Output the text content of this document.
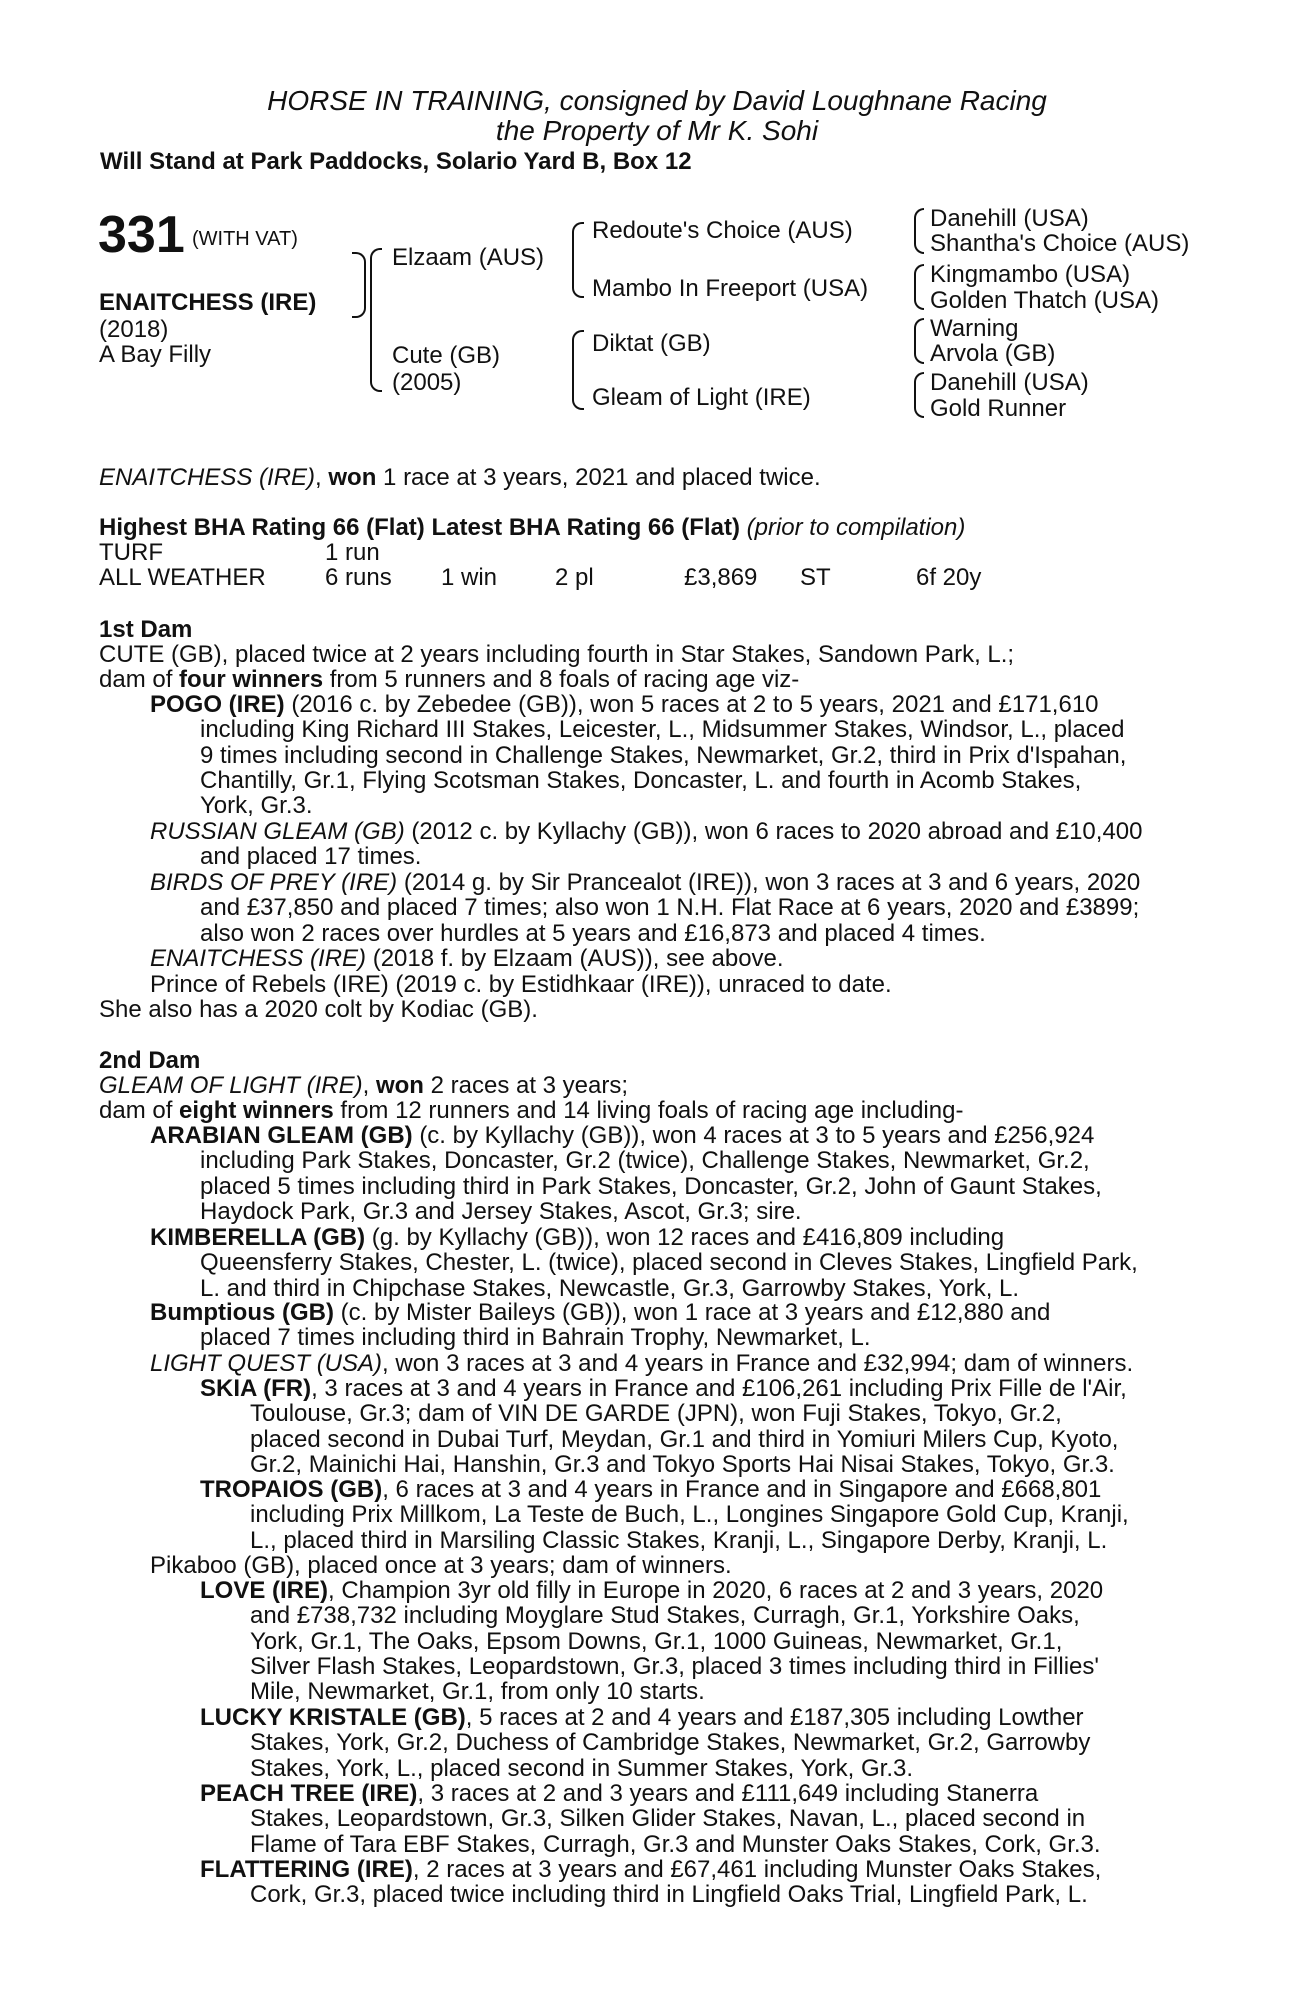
HORSE IN TRAINING, consigned by David Loughnane Racing
the Property of Mr K. Sohi
Will Stand at Park Paddocks, Solario Yard B, Box 12
331 (WITH VAT)
ENAITCHESS (IRE)
(2018)
A Bay Filly
Elzaam (AUS)
Cute (GB)
(2005)
Redoute's Choice (AUS)
Mambo In Freeport (USA)
Diktat (GB)
Gleam of Light (IRE)
Danehill (USA)
Shantha's Choice (AUS)
Kingmambo (USA)
Golden Thatch (USA)
Warning
Arvola (GB)
Danehill (USA)
Gold Runner
ENAITCHESS (IRE), won 1 race at 3 years, 2021 and placed twice.
Highest BHA Rating 66 (Flat) Latest BHA Rating 66 (Flat) (prior to compilation)
TURF	1 run
ALL WEATHER 6 runs 1 win 2 pl	£3,869 ST	6f 20y
1st Dam
CUTE (GB), placed twice at 2 years including fourth in Star Stakes, Sandown Park, L.;
dam of four winners from 5 runners and 8 foals of racing age viz-
POGO (IRE) (2016 c. by Zebedee (GB)), won 5 races at 2 to 5 years, 2021 and £171,610
including King Richard III Stakes, Leicester, L., Midsummer Stakes, Windsor, L., placed
9 times including second in Challenge Stakes, Newmarket, Gr.2, third in Prix d'Ispahan,
Chantilly, Gr.1, Flying Scotsman Stakes, Doncaster, L. and fourth in Acomb Stakes,
York, Gr.3.
RUSSIAN GLEAM (GB) (2012 c. by Kyllachy (GB)), won 6 races to 2020 abroad and £10,400
and placed 17 times.
BIRDS OF PREY (IRE) (2014 g. by Sir Prancealot (IRE)), won 3 races at 3 and 6 years, 2020
and £37,850 and placed 7 times; also won 1 N.H. Flat Race at 6 years, 2020 and £3899;
also won 2 races over hurdles at 5 years and £16,873 and placed 4 times.
ENAITCHESS (IRE) (2018 f. by Elzaam (AUS)), see above.
Prince of Rebels (IRE) (2019 c. by Estidhkaar (IRE)), unraced to date.
She also has a 2020 colt by Kodiac (GB).
2nd Dam
GLEAM OF LIGHT (IRE), won 2 races at 3 years;
dam of eight winners from 12 runners and 14 living foals of racing age including-
ARABIAN GLEAM (GB) (c. by Kyllachy (GB)), won 4 races at 3 to 5 years and £256,924
including Park Stakes, Doncaster, Gr.2 (twice), Challenge Stakes, Newmarket, Gr.2,
placed 5 times including third in Park Stakes, Doncaster, Gr.2, John of Gaunt Stakes,
Haydock Park, Gr.3 and Jersey Stakes, Ascot, Gr.3; sire.
KIMBERELLA (GB) (g. by Kyllachy (GB)), won 12 races and £416,809 including
Queensferry Stakes, Chester, L. (twice), placed second in Cleves Stakes, Lingfield Park,
L. and third in Chipchase Stakes, Newcastle, Gr.3, Garrowby Stakes, York, L.
Bumptious (GB) (c. by Mister Baileys (GB)), won 1 race at 3 years and £12,880 and
placed 7 times including third in Bahrain Trophy, Newmarket, L.
LIGHT QUEST (USA), won 3 races at 3 and 4 years in France and £32,994; dam of winners.
SKIA (FR), 3 races at 3 and 4 years in France and £106,261 including Prix Fille de l'Air,
Toulouse, Gr.3; dam of VIN DE GARDE (JPN), won Fuji Stakes, Tokyo, Gr.2,
placed second in Dubai Turf, Meydan, Gr.1 and third in Yomiuri Milers Cup, Kyoto,
Gr.2, Mainichi Hai, Hanshin, Gr.3 and Tokyo Sports Hai Nisai Stakes, Tokyo, Gr.3.
TROPAIOS (GB), 6 races at 3 and 4 years in France and in Singapore and £668,801
including Prix Millkom, La Teste de Buch, L., Longines Singapore Gold Cup, Kranji,
L., placed third in Marsiling Classic Stakes, Kranji, L., Singapore Derby, Kranji, L.
Pikaboo (GB), placed once at 3 years; dam of winners.
LOVE (IRE), Champion 3yr old filly in Europe in 2020, 6 races at 2 and 3 years, 2020
and £738,732 including Moyglare Stud Stakes, Curragh, Gr.1, Yorkshire Oaks,
York, Gr.1, The Oaks, Epsom Downs, Gr.1, 1000 Guineas, Newmarket, Gr.1,
Silver Flash Stakes, Leopardstown, Gr.3, placed 3 times including third in Fillies'
Mile, Newmarket, Gr.1, from only 10 starts.
LUCKY KRISTALE (GB), 5 races at 2 and 4 years and £187,305 including Lowther
Stakes, York, Gr.2, Duchess of Cambridge Stakes, Newmarket, Gr.2, Garrowby
Stakes, York, L., placed second in Summer Stakes, York, Gr.3.
PEACH TREE (IRE), 3 races at 2 and 3 years and £111,649 including Stanerra
Stakes, Leopardstown, Gr.3, Silken Glider Stakes, Navan, L., placed second in
Flame of Tara EBF Stakes, Curragh, Gr.3 and Munster Oaks Stakes, Cork, Gr.3.
FLATTERING (IRE), 2 races at 3 years and £67,461 including Munster Oaks Stakes,
Cork, Gr.3, placed twice including third in Lingfield Oaks Trial, Lingfield Park, L.
